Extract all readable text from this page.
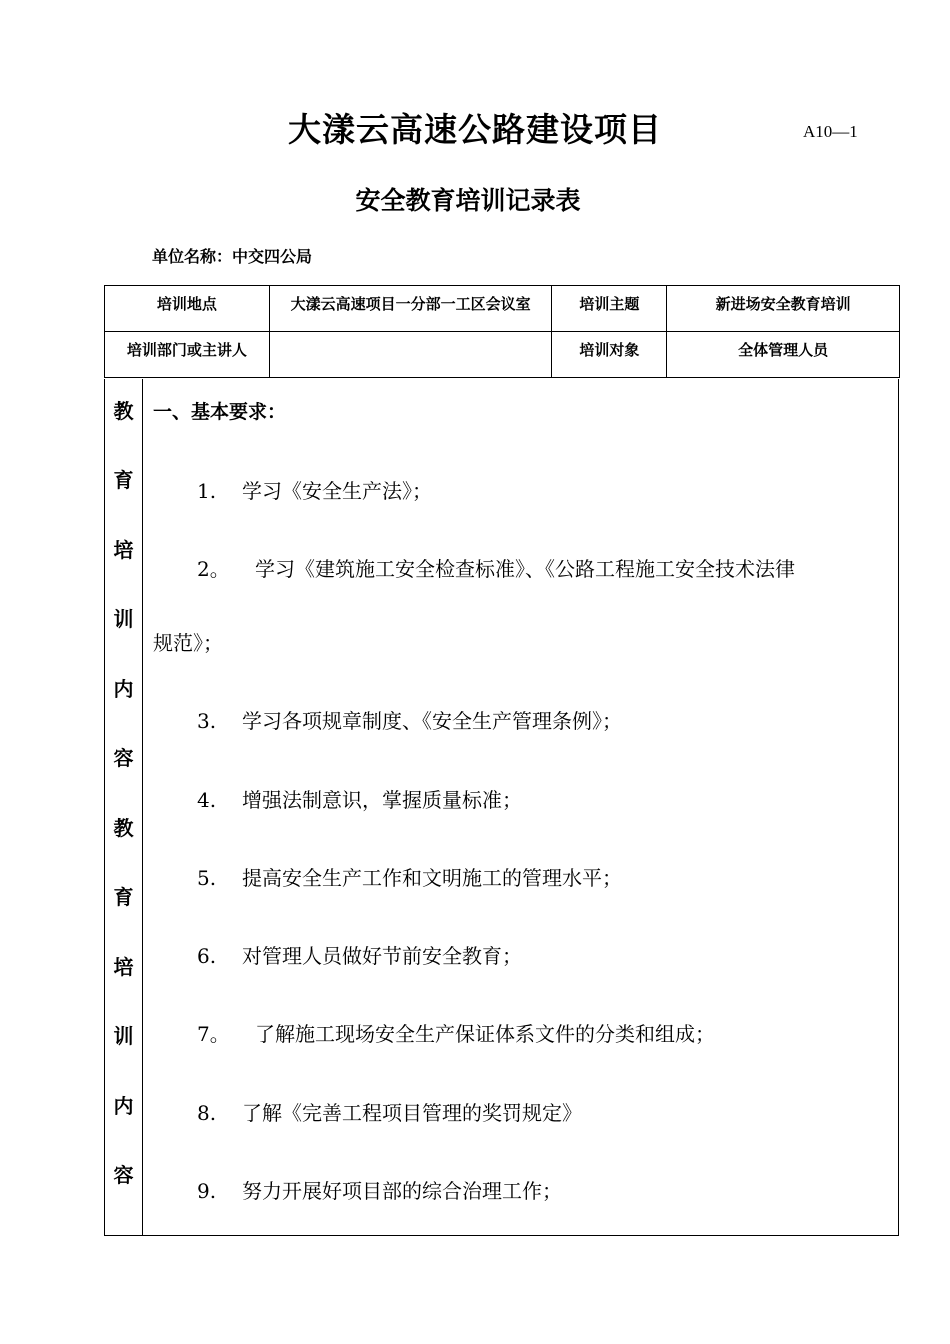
大漾云高速公路建设项目	A10—1
安全教育培训记录表
单位名称：中交四公局
培训地点	大漾云高速项目一分部一工区会议室	培训主题	新进场安全教育培训

培训部门或主讲人		培训对象	全体管理人员
教
育
培
训
内
容
教
育
培
训
内
容
一、基本要求：
1. 学习《安全生产法》；
2。 学习《建筑施工安全检查标准》、《公路工程施工安全技术法律
规范》；
3. 学习各项规章制度、《安全生产管理条例》；
4. 增强法制意识，掌握质量标准；
5. 提高安全生产工作和文明施工的管理水平；
6. 对管理人员做好节前安全教育；
7。 了解施工现场安全生产保证体系文件的分类和组成；
8. 了解《完善工程项目管理的奖罚规定》
9. 努力开展好项目部的综合治理工作；
